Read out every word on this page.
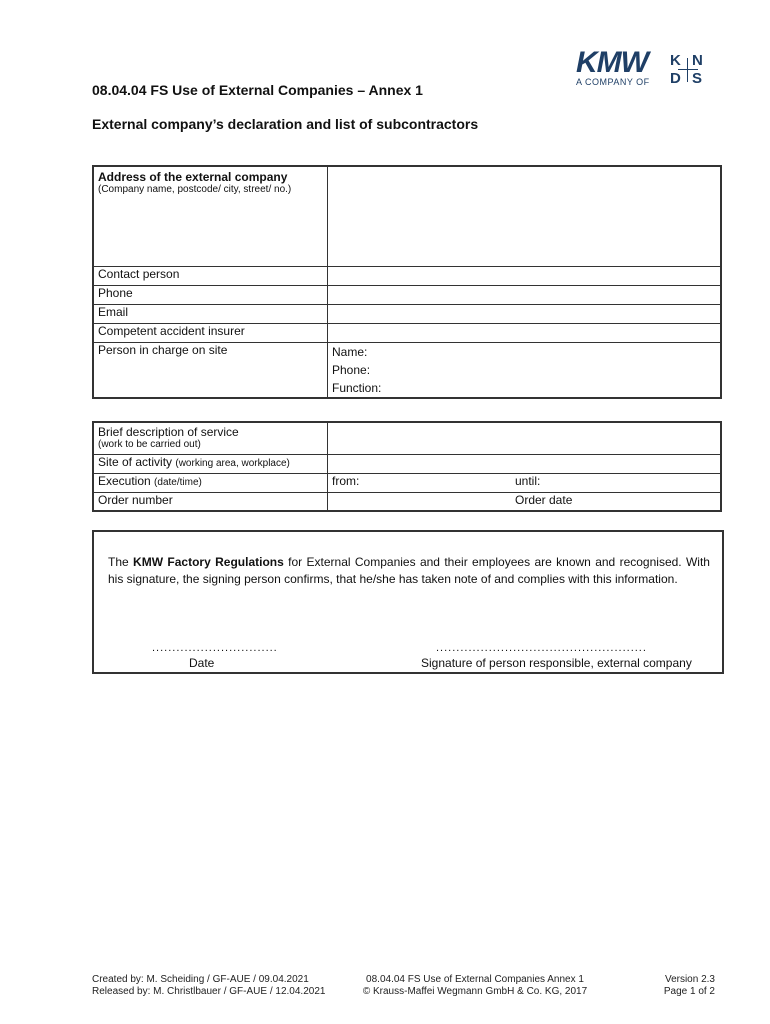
KMW
A COMPANY OF
K N
D S
08.04.04 FS Use of External Companies – Annex 1
External company’s declaration and list of subcontractors
Address of the external company
(Company name, postcode/ city, street/ no.)	

Contact person	
Phone	
Email	
Competent accident insurer	
Person in charge on site	Name:
Phone:
Function:
Brief description of service
(work to be carried out)		

Site of activity (working area, workplace)		
Execution (date/time)	from:	until:
Order number		Order date
The KMW Factory Regulations for External Companies and their employees are known and recognised. With his signature, the signing person confirms, that he/she has taken note of and complies with this information.
...............................	....................................................
Date	Signature of person responsible, external company
Created by: M. Scheiding / GF-AUE / 09.04.2021
Released by: M. Christlbauer / GF-AUE / 12.04.2021
08.04.04 FS Use of External Companies Annex 1
© Krauss-Maffei Wegmann GmbH & Co. KG, 2017
Version 2.3
Page 1 of 2
